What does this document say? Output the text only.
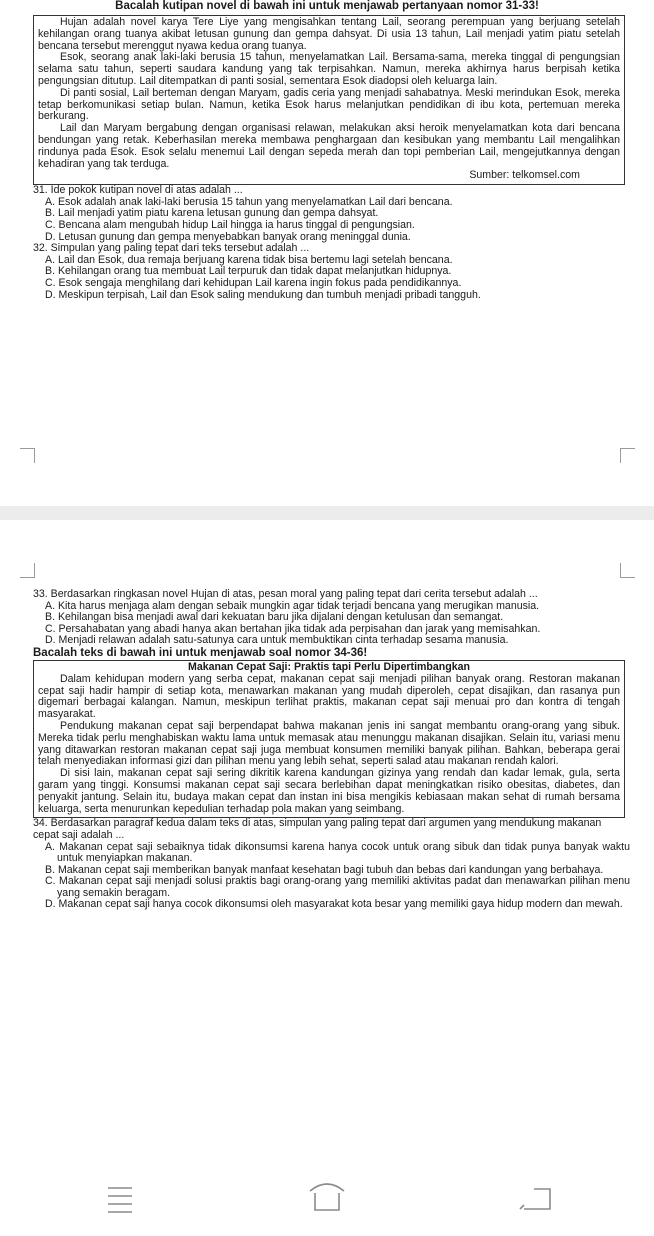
Bacalah kutipan novel di bawah ini untuk menjawab pertanyaan nomor 31-33!

Hujan adalah novel karya Tere Liye yang mengisahkan tentang Lail, seorang perempuan yang berjuang setelah kehilangan orang tuanya akibat letusan gunung dan gempa dahsyat. Di usia 13 tahun, Lail menjadi yatim piatu setelah bencana tersebut merenggut nyawa kedua orang tuanya.

Esok, seorang anak laki-laki berusia 15 tahun, menyelamatkan Lail. Bersama-sama, mereka tinggal di pengungsian selama satu tahun, seperti saudara kandung yang tak terpisahkan. Namun, mereka akhirnya harus berpisah ketika pengungsian ditutup. Lail ditempatkan di panti sosial, sementara Esok diadopsi oleh keluarga lain.

Di panti sosial, Lail berteman dengan Maryam, gadis ceria yang menjadi sahabatnya. Meski merindukan Esok, mereka tetap berkomunikasi setiap bulan. Namun, ketika Esok harus melanjutkan pendidikan di ibu kota, pertemuan mereka berkurang.

Lail dan Maryam bergabung dengan organisasi relawan, melakukan aksi heroik menyelamatkan kota dari bencana bendungan yang retak. Keberhasilan mereka membawa penghargaan dan kesibukan yang membantu Lail mengalihkan rindunya pada Esok. Esok selalu menemui Lail dengan sepeda merah dan topi pemberian Lail, mengejutkannya dengan kehadiran yang tak terduga.

Sumber: telkomsel.com

31. Ide pokok kutipan novel di atas adalah ...
A. Esok adalah anak laki-laki berusia 15 tahun yang menyelamatkan Lail dari bencana.
B. Lail menjadi yatim piatu karena letusan gunung dan gempa dahsyat.
C. Bencana alam mengubah hidup Lail hingga ia harus tinggal di pengungsian.
D. Letusan gunung dan gempa menyebabkan banyak orang meninggal dunia.
32. Simpulan yang paling tepat dari teks tersebut adalah ...
A. Lail dan Esok, dua remaja berjuang karena tidak bisa bertemu lagi setelah bencana.
B. Kehilangan orang tua membuat Lail terpuruk dan tidak dapat melanjutkan hidupnya.
C. Esok sengaja menghilang dari kehidupan Lail karena ingin fokus pada pendidikannya.
D. Meskipun terpisah, Lail dan Esok saling mendukung dan tumbuh menjadi pribadi tangguh.
33. Berdasarkan ringkasan novel Hujan di atas, pesan moral yang paling tepat dari cerita tersebut adalah ...
A. Kita harus menjaga alam dengan sebaik mungkin agar tidak terjadi bencana yang merugikan manusia.
B. Kehilangan bisa menjadi awal dari kekuatan baru jika dijalani dengan ketulusan dan semangat.
C. Persahabatan yang abadi hanya akan bertahan jika tidak ada perpisahan dan jarak yang memisahkan.
D. Menjadi relawan adalah satu-satunya cara untuk membuktikan cinta terhadap sesama manusia.
Bacalah teks di bawah ini untuk menjawab soal nomor 34-36!

Makanan Cepat Saji: Praktis tapi Perlu Dipertimbangkan

Dalam kehidupan modern yang serba cepat, makanan cepat saji menjadi pilihan banyak orang. Restoran makanan cepat saji hadir hampir di setiap kota, menawarkan makanan yang mudah diperoleh, cepat disajikan, dan rasanya pun digemari berbagai kalangan. Namun, meskipun terlihat praktis, makanan cepat saji menuai pro dan kontra di tengah masyarakat.

Pendukung makanan cepat saji berpendapat bahwa makanan jenis ini sangat membantu orang-orang yang sibuk. Mereka tidak perlu menghabiskan waktu lama untuk memasak atau menunggu makanan disajikan. Selain itu, variasi menu yang ditawarkan restoran makanan cepat saji juga membuat konsumen memiliki banyak pilihan. Bahkan, beberapa gerai telah menyediakan informasi gizi dan pilihan menu yang lebih sehat, seperti salad atau makanan rendah kalori.

Di sisi lain, makanan cepat saji sering dikritik karena kandungan gizinya yang rendah dan kadar lemak, gula, serta garam yang tinggi. Konsumsi makanan cepat saji secara berlebihan dapat meningkatkan risiko obesitas, diabetes, dan penyakit jantung. Selain itu, budaya makan cepat dan instan ini bisa mengikis kebiasaan makan sehat di rumah bersama keluarga, serta menurunkan kepedulian terhadap pola makan yang seimbang.

34. Berdasarkan paragraf kedua dalam teks di atas, simpulan yang paling tepat dari argumen yang mendukung makanan cepat saji adalah ...
A. Makanan cepat saji sebaiknya tidak dikonsumsi karena hanya cocok untuk orang sibuk dan tidak punya banyak waktu untuk menyiapkan makanan.
B. Makanan cepat saji memberikan banyak manfaat kesehatan bagi tubuh dan bebas dari kandungan yang berbahaya.
C. Makanan cepat saji menjadi solusi praktis bagi orang-orang yang memiliki aktivitas padat dan menawarkan pilihan menu yang semakin beragam.
D. Makanan cepat saji hanya cocok dikonsumsi oleh masyarakat kota besar yang memiliki gaya hidup modern dan mewah.
